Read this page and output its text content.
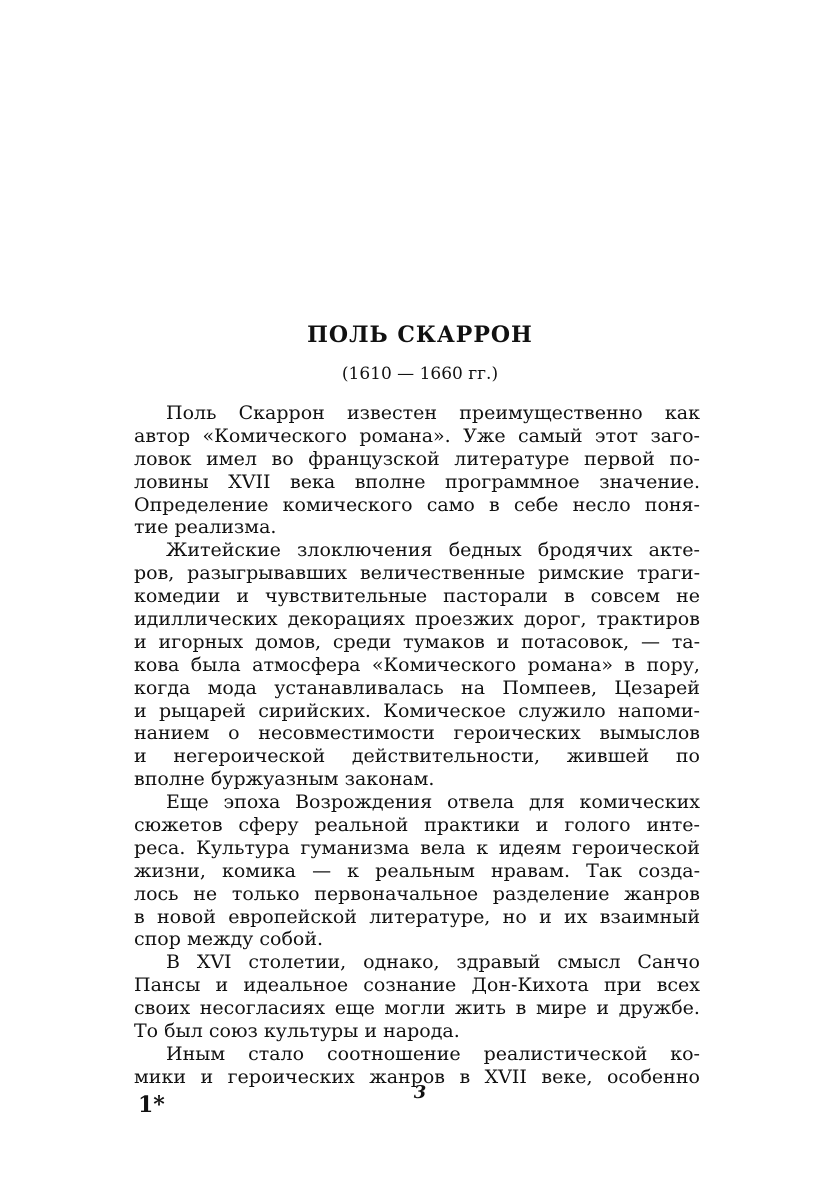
ПОЛЬ СКАРРОН
(1610 — 1660 гг.)
Поль Скаррон известен преимущественно как
автор «Комического романа». Уже самый этот заго-
ловок имел во французской литературе первой по-
ловины XVII века вполне программное значение.
Определение комического само в себе несло поня-
тие
реализма.
Житейские злоключения бедных бродячих акте-
ров, разыгрывавших величественные римские траги-
комедии и чувствительные пасторали в совсем не
идиллических декорациях проезжих дорог, трактиров
и игорных домов, среди тумаков и потасовок, — та-
кова была атмосфера «Комического романа» в пору,
когда мода устанавливалась на Помпеев, Цезарей
и рыцарей сирийских. Комическое служило напоми-
нанием о несовместимости героических вымыслов
и негероической действительности, жившей по
вполне
буржуазным
законам.
Еще эпоха Возрождения отвела для комических
сюжетов сферу реальной практики и голого инте-
реса. Культура гуманизма вела к идеям героической
жизни, комика — к реальным нравам. Так созда-
лось не только первоначальное разделение жанров
в новой европейской литературе, но и их взаимный
спор
между
собой.
В XVI столетии, однако, здравый смысл Санчо
Пансы и идеальное сознание Дон-Кихота при всех
своих несогласиях еще могли жить в мире и дружбе.
То
был
союз
культуры
и
народа.
Иным стало соотношение реалистической ко-
мики и героических жанров в XVII веке, особенно
3
1*
